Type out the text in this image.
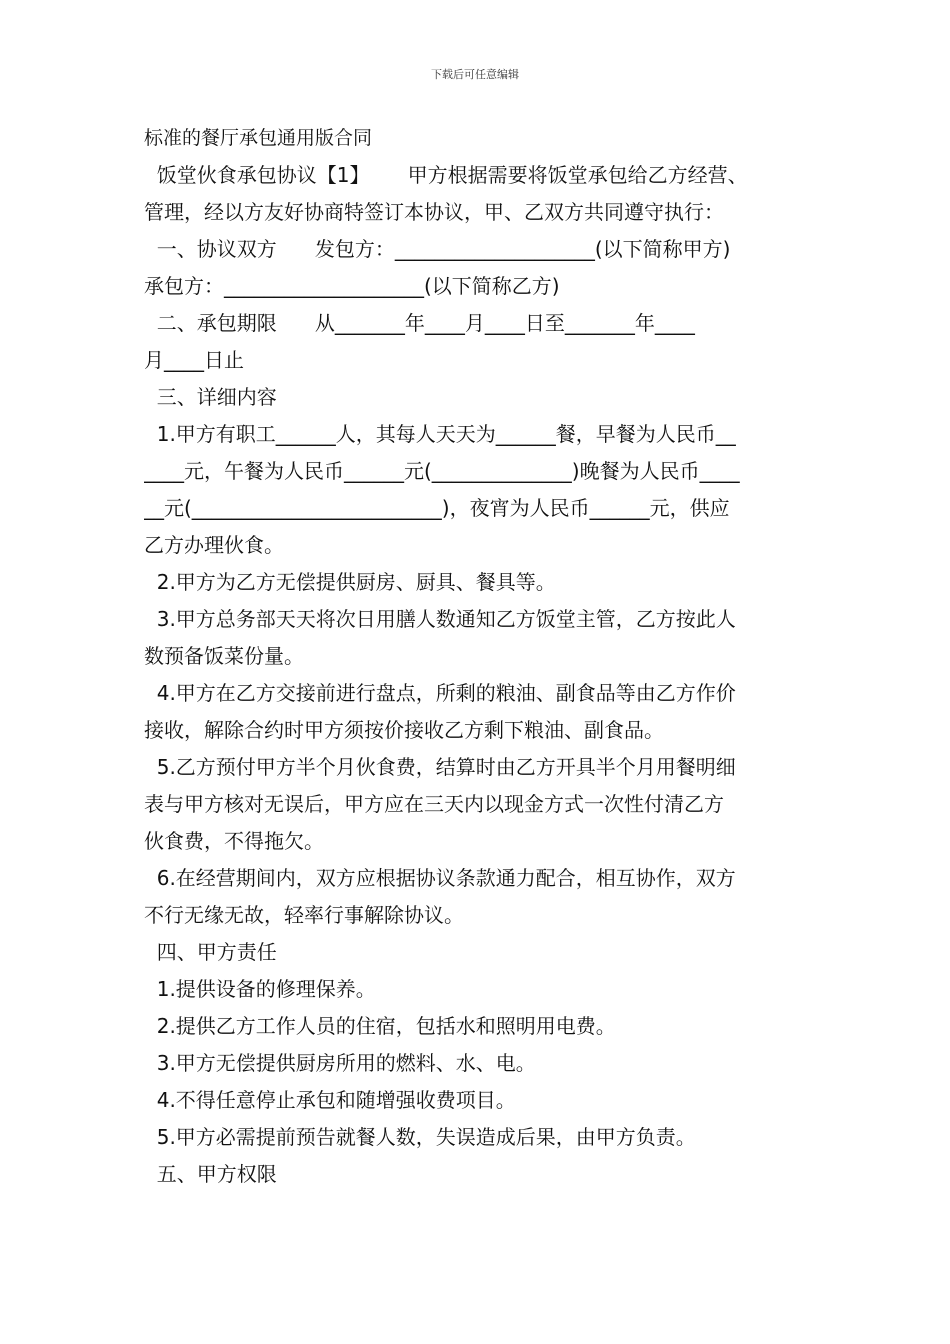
下载后可任意编辑
标准的餐厅承包通用版合同
饭堂伙食承包协议【1】      甲方根据需要将饭堂承包给乙方经营、
管理，经以方友好协商特签订本协议，甲、乙双方共同遵守执行：
一、协议双方      发包方：____________________(以下简称甲方)
承包方：____________________(以下简称乙方)
二、承包期限      从_______年____月____日至_______年____
月____日止
三、详细内容
1.甲方有职工______人，其每人天天为______餐，早餐为人民币__
____元，午餐为人民币______元(______________)晚餐为人民币____
__元(_________________________)，夜宵为人民币______元，供应
乙方办理伙食。
2.甲方为乙方无偿提供厨房、厨具、餐具等。
3.甲方总务部天天将次日用膳人数通知乙方饭堂主管，乙方按此人
数预备饭菜份量。
4.甲方在乙方交接前进行盘点，所剩的粮油、副食品等由乙方作价
接收，解除合约时甲方须按价接收乙方剩下粮油、副食品。
5.乙方预付甲方半个月伙食费，结算时由乙方开具半个月用餐明细
表与甲方核对无误后，甲方应在三天内以现金方式一次性付清乙方
伙食费，不得拖欠。
6.在经营期间内，双方应根据协议条款通力配合，相互协作，双方
不行无缘无故，轻率行事解除协议。
四、甲方责任
1.提供设备的修理保养。
2.提供乙方工作人员的住宿，包括水和照明用电费。
3.甲方无偿提供厨房所用的燃料、水、电。
4.不得任意停止承包和随增强收费项目。
5.甲方必需提前预告就餐人数，失误造成后果，由甲方负责。
五、甲方权限
